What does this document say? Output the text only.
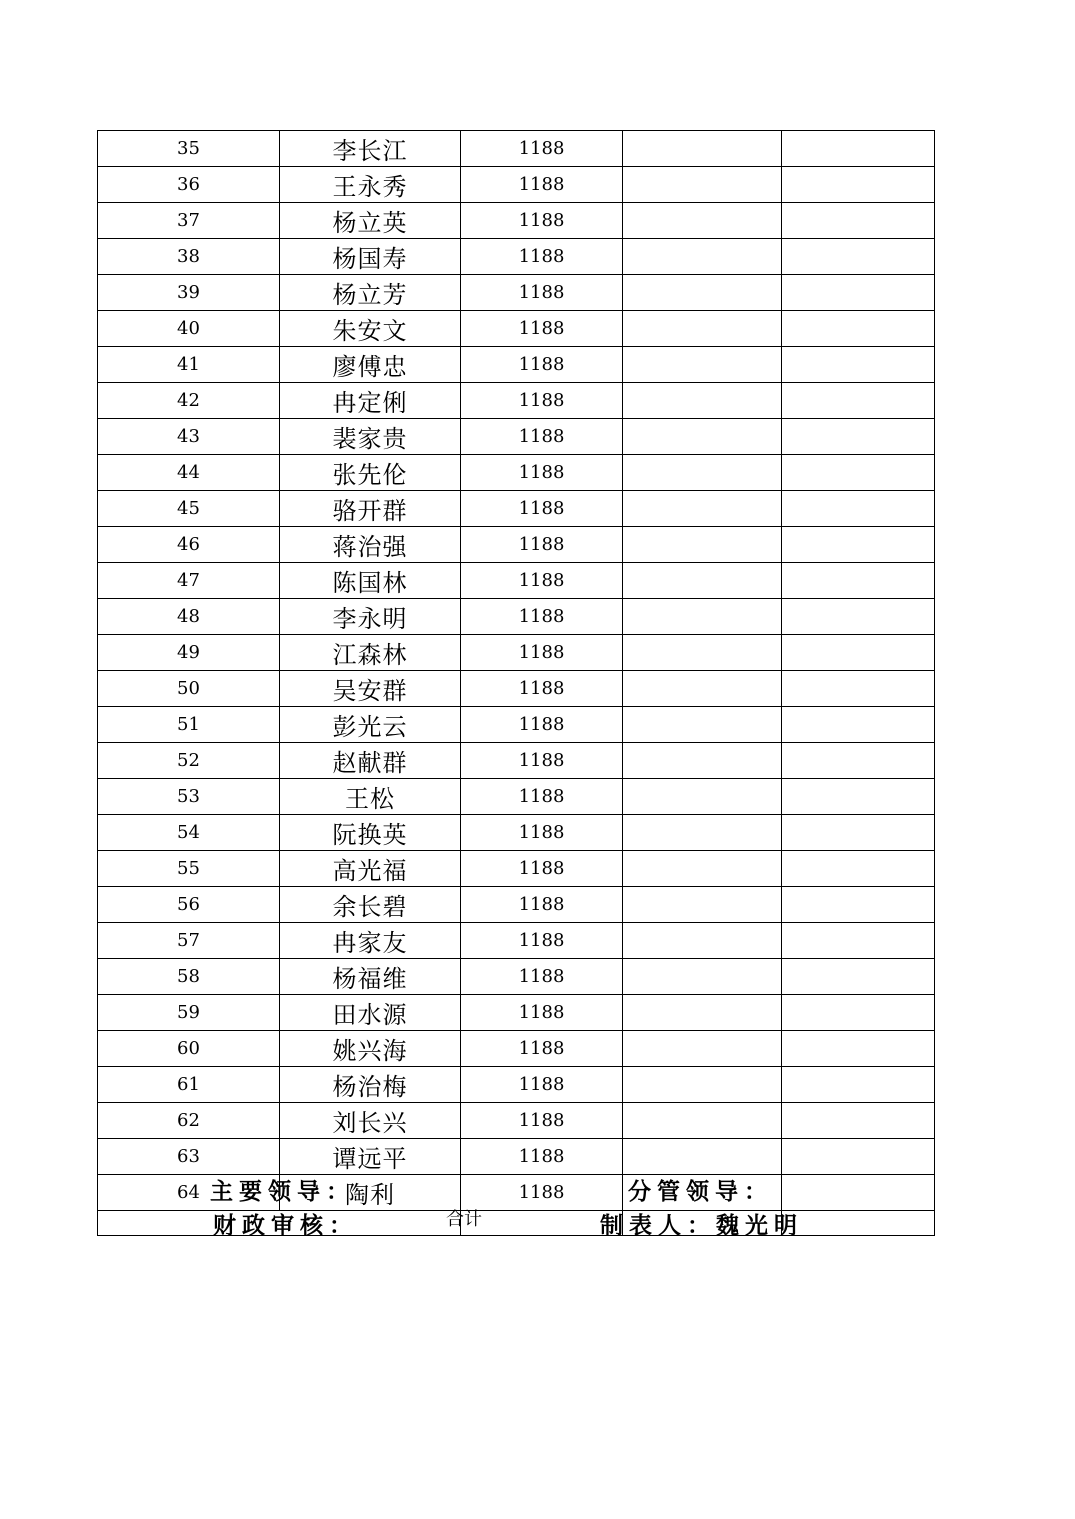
35	李长江	1188		
36	王永秀	1188		
37	杨立英	1188		
38	杨国寿	1188		
39	杨立芳	1188		
40	朱安文	1188		
41	廖傅忠	1188		
42	冉定俐	1188		
43	裴家贵	1188		
44	张先伦	1188		
45	骆开群	1188		
46	蒋治强	1188		
47	陈国林	1188		
48	李永明	1188		
49	江森林	1188		
50	吴安群	1188		
51	彭光云	1188		
52	赵献群	1188		
53	王松	1188		
54	阮换英	1188		
55	高光福	1188		
56	余长碧	1188		
57	冉家友	1188		
58	杨福维	1188		
59	田水源	1188		
60	姚兴海	1188		
61	杨治梅	1188		
62	刘长兴	1188		
63	谭远平	1188		
64	陶利	1188		
合计				
主要领导：	分管领导：
财政审核：	制表人：魏光明
